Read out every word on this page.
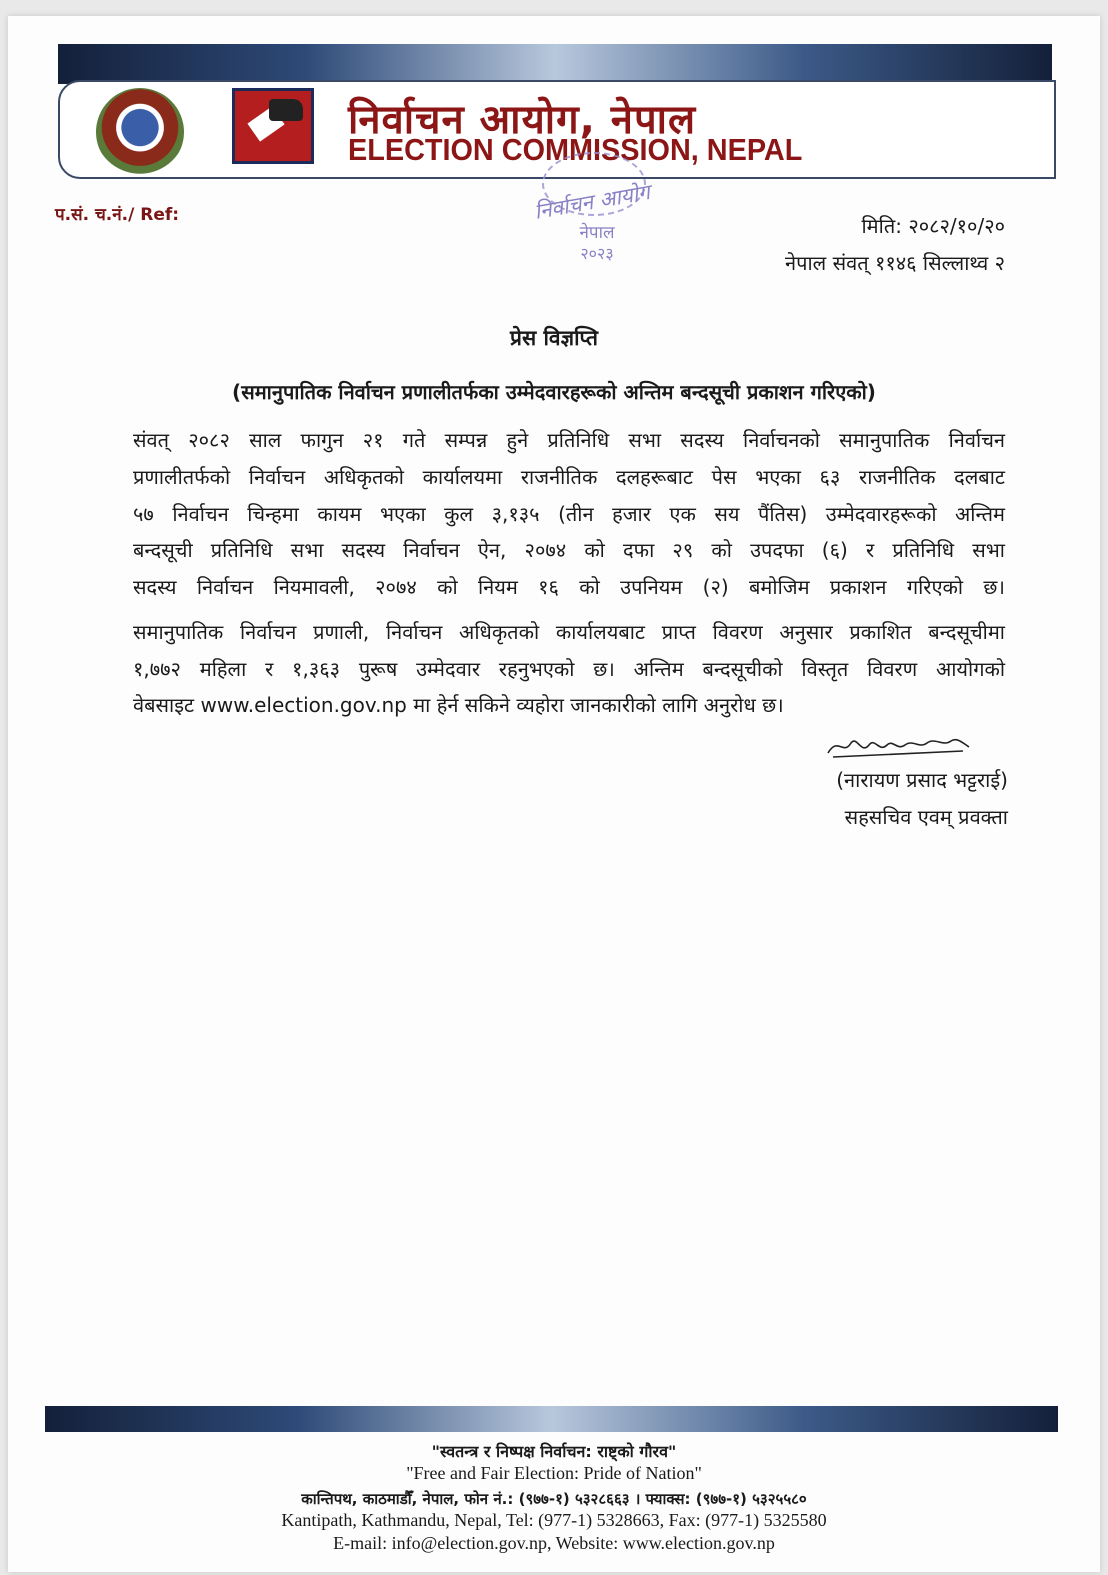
निर्वाचन आयोग, नेपाल
ELECTION COMMISSION, NEPAL
निर्वाचन आयोग
नेपाल
२०२३
प.सं. च.नं./ Ref:	मिति: २०८२/१०/२०
नेपाल संवत् ११४६ सिल्लाथ्व २
प्रेस विज्ञप्ति
(समानुपातिक निर्वाचन प्रणालीतर्फका उम्मेदवारहरूको अन्तिम बन्दसूची प्रकाशन गरिएको)
संवत् २०८२ साल फागुन २१ गते सम्पन्न हुने प्रतिनिधि सभा सदस्य निर्वाचनको समानुपातिक निर्वाचन
प्रणालीतर्फको निर्वाचन अधिकृतको कार्यालयमा राजनीतिक दलहरूबाट पेस भएका ६३ राजनीतिक दलबाट
५७ निर्वाचन चिन्हमा कायम भएका कुल ३,१३५ (तीन हजार एक सय पैंतिस) उम्मेदवारहरूको अन्तिम
बन्दसूची प्रतिनिधि सभा सदस्य निर्वाचन ऐन, २०७४ को दफा २९ को उपदफा (६) र प्रतिनिधि सभा
सदस्य निर्वाचन नियमावली, २०७४ को नियम १६ को उपनियम (२) बमोजिम प्रकाशन गरिएको छ।
समानुपातिक निर्वाचन प्रणाली, निर्वाचन अधिकृतको कार्यालयबाट प्राप्त विवरण अनुसार प्रकाशित बन्दसूचीमा
१,७७२ महिला र १,३६३ पुरूष उम्मेदवार रहनुभएको छ। अन्तिम बन्दसूचीको विस्तृत विवरण आयोगको
वेबसाइट www.election.gov.np मा हेर्न सकिने व्यहोरा जानकारीको लागि अनुरोध छ।
(नारायण प्रसाद भट्टराई)
सहसचिव एवम् प्रवक्ता
"स्वतन्त्र र निष्पक्ष निर्वाचन: राष्ट्को गौरव"
"Free and Fair Election: Pride of Nation"
कान्तिपथ, काठमाडौँ, नेपाल, फोन नं.: (९७७-१) ५३२८६६३ । फ्याक्स: (९७७-१) ५३२५५८०
Kantipath, Kathmandu, Nepal, Tel: (977-1) 5328663, Fax: (977-1) 5325580
E-mail: info@election.gov.np, Website: www.election.gov.np
